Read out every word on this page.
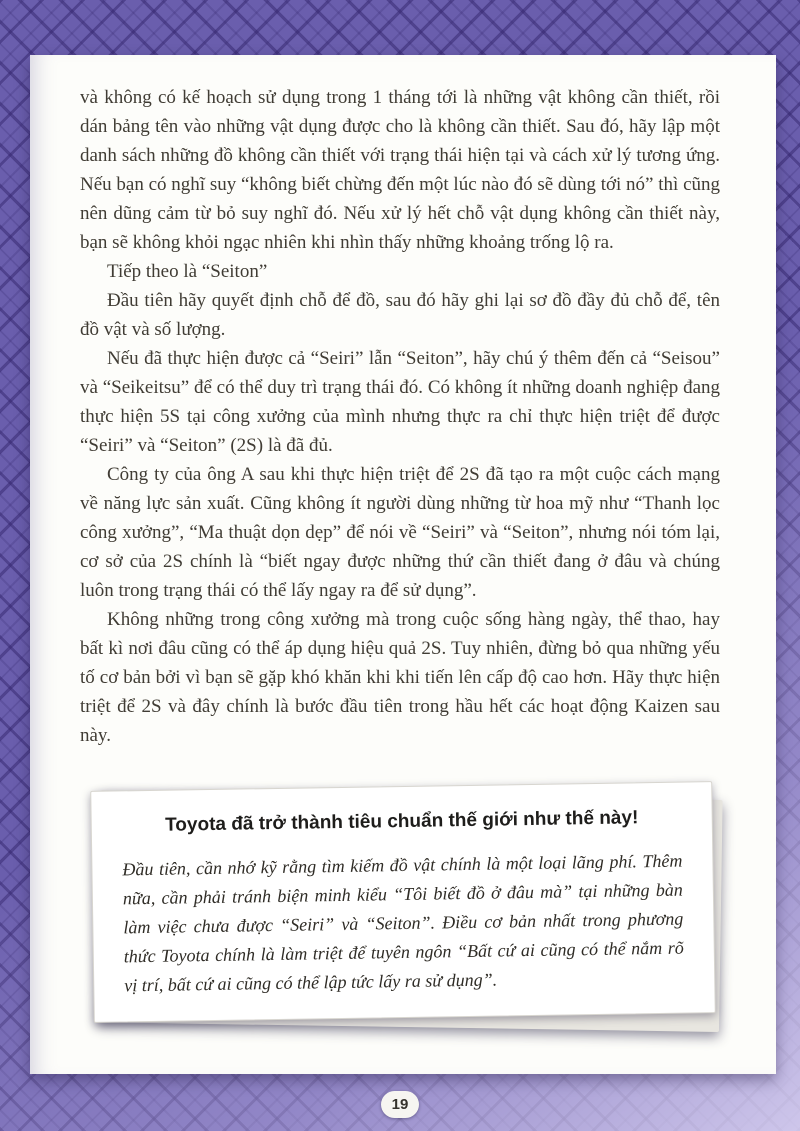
và không có kế hoạch sử dụng trong 1 tháng tới là những vật không cần thiết, rồi dán bảng tên vào những vật dụng được cho là không cần thiết. Sau đó, hãy lập một danh sách những đồ không cần thiết với trạng thái hiện tại và cách xử lý tương ứng. Nếu bạn có nghĩ suy “không biết chừng đến một lúc nào đó sẽ dùng tới nó” thì cũng nên dũng cảm từ bỏ suy nghĩ đó. Nếu xử lý hết chỗ vật dụng không cần thiết này, bạn sẽ không khỏi ngạc nhiên khi nhìn thấy những khoảng trống lộ ra.

Tiếp theo là “Seiton”

Đầu tiên hãy quyết định chỗ để đồ, sau đó hãy ghi lại sơ đồ đầy đủ chỗ để, tên đồ vật và số lượng.

Nếu đã thực hiện được cả “Seiri” lẫn “Seiton”, hãy chú ý thêm đến cả “Seisou” và “Seikeitsu” để có thể duy trì trạng thái đó. Có không ít những doanh nghiệp đang thực hiện 5S tại công xưởng của mình nhưng thực ra chỉ thực hiện triệt để được “Seiri” và “Seiton” (2S) là đã đủ.

Công ty của ông A sau khi thực hiện triệt để 2S đã tạo ra một cuộc cách mạng về năng lực sản xuất. Cũng không ít người dùng những từ hoa mỹ như “Thanh lọc công xưởng”, “Ma thuật dọn dẹp” để nói về “Seiri” và “Seiton”, nhưng nói tóm lại, cơ sở của 2S chính là “biết ngay được những thứ cần thiết đang ở đâu và chúng luôn trong trạng thái có thể lấy ngay ra để sử dụng”.

Không những trong công xưởng mà trong cuộc sống hàng ngày, thể thao, hay bất kì nơi đâu cũng có thể áp dụng hiệu quả 2S. Tuy nhiên, đừng bỏ qua những yếu tố cơ bản bởi vì bạn sẽ gặp khó khăn khi khi tiến lên cấp độ cao hơn. Hãy thực hiện triệt để 2S và đây chính là bước đầu tiên trong hầu hết các hoạt động Kaizen sau này.

Toyota đã trở thành tiêu chuẩn thế giới như thế này!

Đầu tiên, cần nhớ kỹ rằng tìm kiếm đồ vật chính là một loại lãng phí. Thêm nữa, cần phải tránh biện minh kiểu “Tôi biết đồ ở đâu mà” tại những bàn làm việc chưa được “Seiri” và “Seiton”. Điều cơ bản nhất trong phương thức Toyota chính là làm triệt để tuyên ngôn “Bất cứ ai cũng có thể nắm rõ vị trí, bất cứ ai cũng có thể lập tức lấy ra sử dụng”.

19
